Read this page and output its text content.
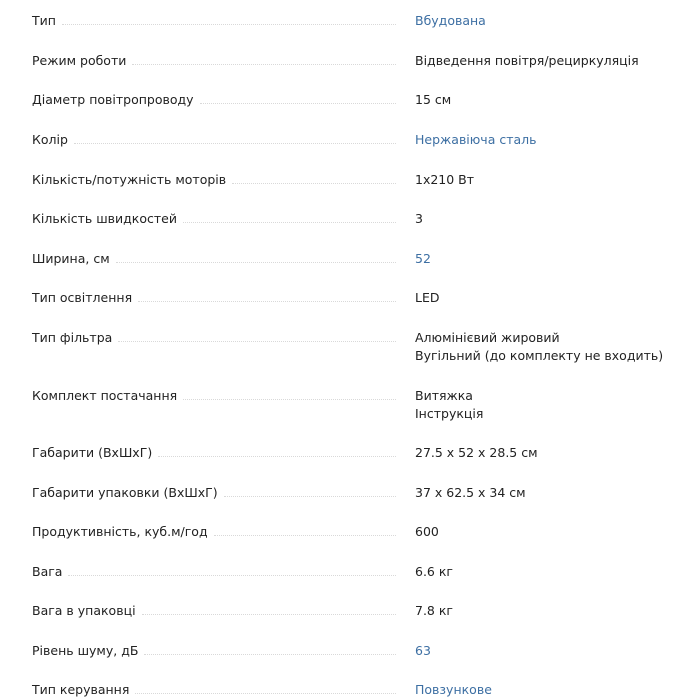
Тип	Вбудована
Режим роботи	Відведення повітря/рециркуляція
Діаметр повітропроводу	15 см
Колір	Нержавіюча сталь
Кількість/потужність моторів	1x210 Вт
Кількість швидкостей	3
Ширина, см	52
Тип освітлення	LED
Тип фільтра	Алюмінієвий жировий
Вугільний (до комплекту не входить)
Комплект постачання	Витяжка
Інструкція
Габарити (ВxШxГ)	27.5 x 52 x 28.5 см
Габарити упаковки (ВxШxГ)	37 x 62.5 x 34 см
Продуктивність, куб.м/год	600
Вага	6.6 кг
Вага в упаковці	7.8 кг
Рівень шуму, дБ	63
Тип керування	Повзункове
